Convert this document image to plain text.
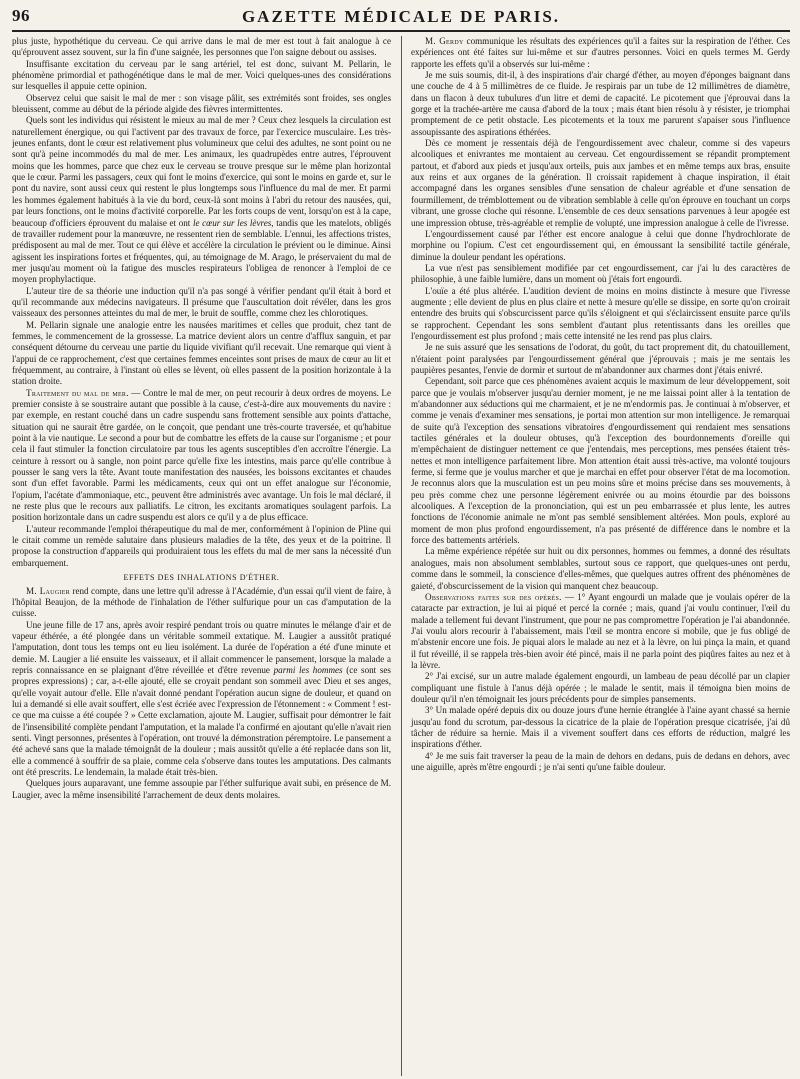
96	GAZETTE MÉDICALE DE PARIS.

plus juste, hypothétique du cerveau. Ce qui arrive dans le mal de mer est tout à fait analogue à ce qu'éprouvent assez souvent, sur la fin d'une saignée, les personnes que l'on saigne debout ou assises.

Insuffisante excitation du cerveau par le sang artériel, tel est donc, suivant M. Pellarin, le phénomène primordial et pathogénétique dans le mal de mer. Voici quelques-unes des considérations sur lesquelles il appuie cette opinion.

Observez celui que saisit le mal de mer : son visage pâlit, ses extrémités sont froides, ses ongles bleuissent, comme au début de la période algide des fièvres intermittentes.

Quels sont les individus qui résistent le mieux au mal de mer ? Ceux chez lesquels la circulation est naturellement énergique, ou qui l'activent par des travaux de force, par l'exercice musculaire. Les très-jeunes enfants, dont le cœur est relativement plus volumineux que celui des adultes, ne sont point ou ne sont qu'à peine incommodés du mal de mer. Les animaux, les quadrupèdes entre autres, l'éprouvent moins que les hommes, parce que chez eux le cerveau se trouve presque sur le même plan horizontal que le cœur. Parmi les passagers, ceux qui font le moins d'exercice, qui sont le moins en garde et, sur le pont du navire, sont aussi ceux qui restent le plus longtemps sous l'influence du mal de mer. Et parmi les hommes également habitués à la vie du bord, ceux-là sont moins à l'abri du retour des nausées, qui, par leurs fonctions, ont le moins d'activité corporelle. Par les forts coups de vent, lorsqu'on est à la cape, beaucoup d'officiers éprouvent du malaise et ont le cœur sur les lèvres, tandis que les matelots, obligés de travailler rudement pour la manœuvre, ne ressentent rien de semblable. L'ennui, les affections tristes, prédisposent au mal de mer. Tout ce qui élève et accélère la circulation le prévient ou le diminue. Ainsi agissent les inspirations fortes et fréquentes, qui, au témoignage de M. Arago, le préservaient du mal de mer jusqu'au moment où la fatigue des muscles respirateurs l'obligea de renoncer à l'emploi de ce moyen prophylactique.

L'auteur tire de sa théorie une induction qu'il n'a pas songé à vérifier pendant qu'il était à bord et qu'il recommande aux médecins navigateurs. Il présume que l'auscultation doit révéler, dans les gros vaisseaux des personnes atteintes du mal de mer, le bruit de souffle, comme chez les chlorotiques.

M. Pellarin signale une analogie entre les nausées maritimes et celles que produit, chez tant de femmes, le commencement de la grossesse. La matrice devient alors un centre d'afflux sanguin, et par conséquent détourne du cerveau une partie du liquide vivifiant qu'il recevait. Une remarque qui vient à l'appui de ce rapprochement, c'est que certaines femmes enceintes sont prises de maux de cœur au lit et fréquemment, au contraire, à l'instant où elles se lèvent, où elles passent de la position horizontale à la station droite.

Traitement du mal de mer. — Contre le mal de mer, on peut recourir à deux ordres de moyens. Le premier consiste à se soustraire autant que possible à la cause, c'est-à-dire aux mouvements du navire : par exemple, en restant couché dans un cadre suspendu sans frottement sensible aux points d'attache, situation qui ne saurait être gardée, on le conçoit, que pendant une très-courte traversée, et qu'habitue point à la vie nautique. Le second a pour but de combattre les effets de la cause sur l'organisme ; et pour cela il faut stimuler la fonction circulatoire par tous les agents susceptibles d'en accroître l'énergie. La ceinture à ressort ou à sangle, non point parce qu'elle fixe les intestins, mais parce qu'elle contribue à pousser le sang vers la tête. Avant toute manifestation des nausées, les boissons excitantes et chaudes sont d'un effet favorable. Parmi les médicaments, ceux qui ont un effet analogue sur l'économie, l'opium, l'acétate d'ammoniaque, etc., peuvent être administrés avec avantage. Un fois le mal déclaré, il ne reste plus que le recours aux palliatifs. Le citron, les excitants aromatiques soulagent parfois. La position horizontale dans un cadre suspendu est alors ce qu'il y a de plus efficace.

L'auteur recommande l'emploi thérapeutique du mal de mer, conformément à l'opinion de Pline qui le citait comme un remède salutaire dans plusieurs maladies de la tête, des yeux et de la poitrine. Il propose la construction d'appareils qui produiraient tous les effets du mal de mer sans la nécessité d'un embarquement.

EFFETS DES INHALATIONS D'ÉTHER.

M. Laugier rend compte, dans une lettre qu'il adresse à l'Académie, d'un essai qu'il vient de faire, à l'hôpital Beaujon, de la méthode de l'inhalation de l'éther sulfurique pour un cas d'amputation de la cuisse.

Une jeune fille de 17 ans, après avoir respiré pendant trois ou quatre minutes le mélange d'air et de vapeur éthérée, a été plongée dans un véritable sommeil extatique. M. Laugier a aussitôt pratiqué l'amputation, dont tous les temps ont eu lieu isolément. La durée de l'opération a été d'une minute et demie. M. Laugier a lié ensuite les vaisseaux, et il allait commencer le pansement, lorsque la malade a repris connaissance en se plaignant d'être réveillée et d'être revenue parmi les hommes (ce sont ses propres expressions) ; car, a-t-elle ajouté, elle se croyait pendant son sommeil avec Dieu et ses anges, qu'elle voyait autour d'elle. Elle n'avait donné pendant l'opération aucun signe de douleur, et quand on lui a demandé si elle avait souffert, elle s'est écriée avec l'expression de l'étonnement : « Comment ! est-ce que ma cuisse a été coupée ? » Cette exclamation, ajoute M. Laugier, suffisait pour démontrer le fait de l'insensibilité complète pendant l'amputation, et la malade l'a confirmé en ajoutant qu'elle n'avait rien senti. Vingt personnes, présentes à l'opération, ont trouvé la démonstration péremptoire. Le pansement a été achevé sans que la malade témoignât de la douleur ; mais aussitôt qu'elle a été replacée dans son lit, elle a commencé à souffrir de sa plaie, comme cela s'observe dans toutes les amputations. Des calmants ont été prescrits. Le lendemain, la malade était très-bien.

Quelques jours auparavant, une femme assoupie par l'éther sulfurique avait subi, en présence de M. Laugier, avec la même insensibilité l'arrachement de deux dents molaires.

M. Gerdy communique les résultats des expériences qu'il a faites sur la respiration de l'éther. Ces expériences ont été faites sur lui-même et sur d'autres personnes. Voici en quels termes M. Gerdy rapporte les effets qu'il a observés sur lui-même :

Je me suis soumis, dit-il, à des inspirations d'air chargé d'éther, au moyen d'éponges baignant dans une couche de 4 à 5 millimètres de ce fluide. Je respirais par un tube de 12 millimètres de diamètre, dans un flacon à deux tubulures d'un litre et demi de capacité. Le picotement que j'éprouvai dans la gorge et la trachée-artère me causa d'abord de la toux ; mais étant bien résolu à y résister, je triomphai promptement de ce petit obstacle. Les picotements et la toux me parurent s'apaiser sous l'influence assoupissante des aspirations éthérées.

Dès ce moment je ressentais déjà de l'engourdissement avec chaleur, comme si des vapeurs alcooliques et enivrantes me montaient au cerveau. Cet engourdissement se répandit promptement partout, et d'abord aux pieds et jusqu'aux orteils, puis aux jambes et en même temps aux bras, ensuite aux reins et aux organes de la génération. Il croissait rapidement à chaque inspiration, il était accompagné dans les organes sensibles d'une sensation de chaleur agréable et d'une sensation de fourmillement, de trémblottement ou de vibration semblable à celle qu'on éprouve en touchant un corps vibrant, une grosse cloche qui résonne. L'ensemble de ces deux sensations parvenues à leur apogée est une impression obtuse, très-agréable et remplie de volupté, une impression analogue à celle de l'ivresse.

L'engourdissement causé par l'éther est encore analogue à celui que donne l'hydrochlorate de morphine ou l'opium. C'est cet engourdissement qui, en émoussant la sensibilité tactile générale, diminue la douleur pendant les opérations.

La vue n'est pas sensiblement modifiée par cet engourdissement, car j'ai lu des caractères de philosophie, à une faible lumière, dans un moment où j'étais fort engourdi.

L'ouïe a été plus altérée. L'audition devient de moins en moins distincte à mesure que l'ivresse augmente ; elle devient de plus en plus claire et nette à mesure qu'elle se dissipe, en sorte qu'on croirait entendre des bruits qui s'obscurcissent parce qu'ils s'éloignent et qui s'éclaircissent ensuite parce qu'ils se rapprochent. Cependant les sons semblent d'autant plus retentissants dans les oreilles que l'engourdissement est plus profond ; mais cette intensité ne les rend pas plus clairs.

Je ne suis assuré que les sensations de l'odorat, du goût, du tact proprement dit, du chatouillement, n'étaient point paralysées par l'engourdissement général que j'éprouvais ; mais je me sentais les paupières pesantes, l'envie de dormir et surtout de m'abandonner aux charmes dont j'étais enivré.

Cependant, soit parce que ces phénomènes avaient acquis le maximum de leur développement, soit parce que je voulais m'observer jusqu'au dernier moment, je ne me laissai point aller à la tentation de m'abandonner aux séductions qui me charmaient, et je ne m'endormis pas. Je continuai à m'observer, et comme je venais d'examiner mes sensations, je portai mon attention sur mon intelligence. Je remarquai de suite qu'à l'exception des sensations vibratoires d'engourdissement qui rendaient mes sensations tactiles générales et la douleur obtuses, qu'à l'exception des bourdonnements d'oreille qui m'empêchaient de distinguer nettement ce que j'entendais, mes perceptions, mes pensées étaient très-nettes et mon intelligence parfaitement libre. Mon attention était aussi très-active, ma volonté toujours ferme, si ferme que je voulus marcher et que je marchai en effet pour observer l'état de ma locomotion. Je reconnus alors que la musculation est un peu moins sûre et moins précise dans ses mouvements, à peu près comme chez une personne légèrement enivrée ou au moins étourdie par des boissons alcooliques. A l'exception de la prononciation, qui est un peu embarrassée et plus lente, les autres fonctions de l'économie animale ne m'ont pas semblé sensiblement altérées. Mon pouls, exploré au moment de mon plus profond engourdissement, n'a pas présenté de différence dans le nombre et la force des battements artériels.

La même expérience répétée sur huit ou dix personnes, hommes ou femmes, a donné des résultats analogues, mais non absolument semblables, surtout sous ce rapport, que quelques-unes ont perdu, comme dans le sommeil, la conscience d'elles-mêmes, que quelques autres offrent des phénomènes de gaieté, d'obscurcissement de la vision qui manquent chez beaucoup.

Observations faites sur des opérés. — 1° Ayant engourdi un malade que je voulais opérer de la cataracte par extraction, je lui ai piqué et percé la cornée ; mais, quand j'ai voulu continuer, l'œil du malade a tellement fui devant l'instrument, que pour ne pas compromettre l'opération je l'ai abandonnée. J'ai voulu alors recourir à l'abaissement, mais l'œil se montra encore si mobile, que je fus obligé de m'abstenir encore une fois. Je piquai alors le malade au nez et à la lèvre, on lui pinça la main, et quand il fut réveillé, il se rappela très-bien avoir été pincé, mais il ne parla point des piqûres faites au nez et à la lèvre.

2° J'ai excisé, sur un autre malade également engourdi, un lambeau de peau décollé par un clapier compliquant une fistule à l'anus déjà opérée ; le malade le sentit, mais il témoigna bien moins de douleur qu'il n'en témoignait les jours précédents pour de simples pansements.

3° Un malade opéré depuis dix ou douze jours d'une hernie étranglée à l'aine ayant chassé sa hernie jusqu'au fond du scrotum, par-dessous la cicatrice de la plaie de l'opération presque cicatrisée, j'ai dû tâcher de réduire sa hernie. Mais il a vivement souffert dans ces efforts de réduction, malgré les inspirations d'éther.

4° Je me suis fait traverser la peau de la main de dehors en dedans, puis de dedans en dehors, avec une aiguille, après m'être engourdi ; je n'ai senti qu'une faible douleur.
